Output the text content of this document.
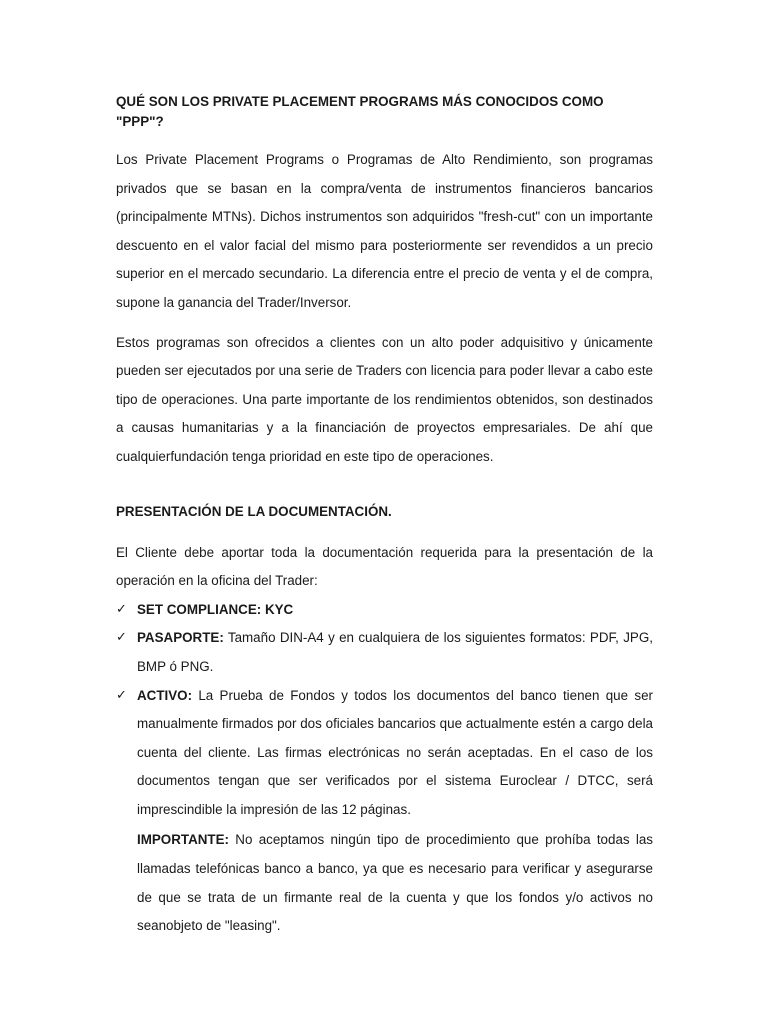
QUÉ SON LOS PRIVATE PLACEMENT PROGRAMS MÁS CONOCIDOS COMO "PPP"?

Los Private Placement Programs o Programas de Alto Rendimiento, son programas privados que se basan en la compra/venta de instrumentos financieros bancarios (principalmente MTNs). Dichos instrumentos son adquiridos "fresh-cut" con un importante descuento en el valor facial del mismo para posteriormente ser revendidos a un precio superior en el mercado secundario. La diferencia entre el precio de venta y el de compra, supone la ganancia del Trader/Inversor.

Estos programas son ofrecidos a clientes con un alto poder adquisitivo y únicamente pueden ser ejecutados por una serie de Traders con licencia para poder llevar a cabo este tipo de operaciones. Una parte importante de los rendimientos obtenidos, son destinados a causas humanitarias y a la financiación de proyectos empresariales. De ahí que cualquierfundación tenga prioridad en este tipo de operaciones.

PRESENTACIÓN DE LA DOCUMENTACIÓN.

El Cliente debe aportar toda la documentación requerida para la presentación de la operación en la oficina del Trader:

✓ SET COMPLIANCE: KYC
✓ PASAPORTE: Tamaño DIN-A4 y en cualquiera de los siguientes formatos: PDF, JPG, BMP ó PNG.
✓ ACTIVO: La Prueba de Fondos y todos los documentos del banco tienen que ser manualmente firmados por dos oficiales bancarios que actualmente estén a cargo dela cuenta del cliente. Las firmas electrónicas no serán aceptadas. En el caso de los documentos tengan que ser verificados por el sistema Euroclear / DTCC, será imprescindible la impresión de las 12 páginas.
IMPORTANTE: No aceptamos ningún tipo de procedimiento que prohíba todas las llamadas telefónicas banco a banco, ya que es necesario para verificar y asegurarse de que se trata de un firmante real de la cuenta y que los fondos y/o activos no seanobjeto de "leasing".
